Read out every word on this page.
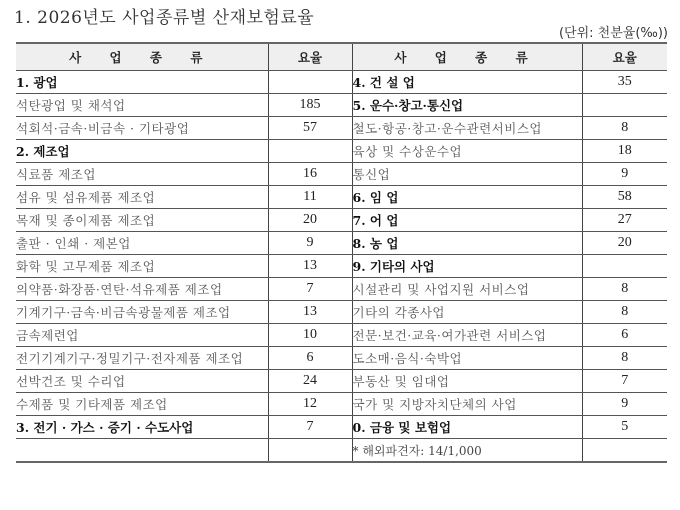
1. 2026년도 사업종류별 산재보험료율
(단위: 천분율(‰))
사 업 종 류	요율	사 업 종 류	요율
1. 광업		4. 건 설 업	35
석탄광업 및 채석업	185	5. 운수·창고·통신업	
석회석·금속·비금속 · 기타광업	57	철도·항공·창고·운수관련서비스업	8
2. 제조업		육상 및 수상운수업	18
식료품 제조업	16	통신업	9
섬유 및 섬유제품 제조업	11	6. 임 업	58
목재 및 종이제품 제조업	20	7. 어 업	27
출판 · 인쇄 · 제본업	9	8. 농 업	20
화학 및 고무제품 제조업	13	9. 기타의 사업	
의약품·화장품·연탄·석유제품 제조업	7	시설관리 및 사업지원 서비스업	8
기계기구·금속·비금속광물제품 제조업	13	기타의 각종사업	8
금속제련업	10	전문·보건·교육·여가관련 서비스업	6
전기기계기구·정밀기구·전자제품 제조업	6	도소매·음식·숙박업	8
선박건조 및 수리업	24	부동산 및 임대업	7
수제품 및 기타제품 제조업	12	국가 및 지방자치단체의 사업	9
3. 전기 · 가스 · 증기 · 수도사업	7	0. 금융 및 보험업	5
		* 해외파견자: 14/1,000	
